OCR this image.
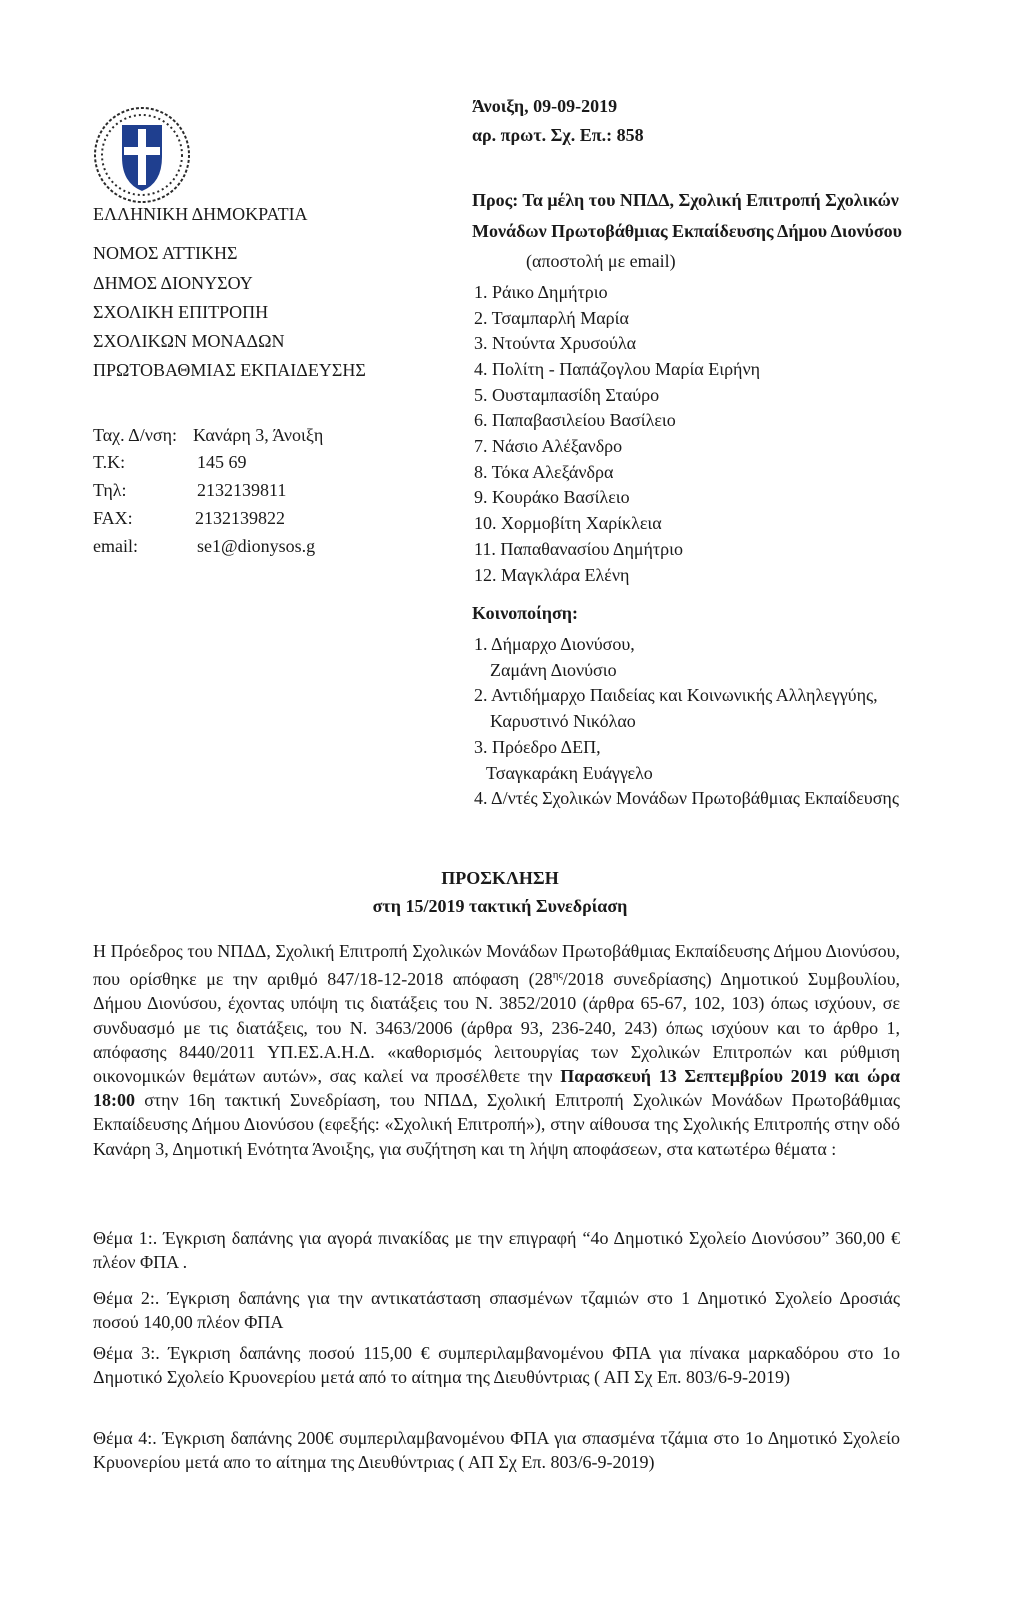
Άνοιξη, 09-09-2019
αρ. πρωτ. Σχ. Επ.: 858
ΕΛΛΗΝΙΚΗ ΔΗΜΟΚΡΑΤΙΑ
ΝΟΜΟΣ ΑΤΤΙΚΗΣ
ΔΗΜΟΣ ΔΙΟΝΥΣΟΥ
ΣΧΟΛΙΚΗ ΕΠΙΤΡΟΠΗ
ΣΧΟΛΙΚΩΝ ΜΟΝΑΔΩΝ
ΠΡΩΤΟΒΑΘΜΙΑΣ ΕΚΠΑΙΔΕΥΣΗΣ
Ταχ. Δ/νση: Κανάρη 3, Άνοιξη
Τ.Κ:	145 69
Τηλ:	2132139811
FAX:	2132139822
email:	se1@dionysos.g
Προς: Τα μέλη του ΝΠΔΔ, Σχολική Επιτροπή Σχολικών
Μονάδων Πρωτοβάθμιας Εκπαίδευσης Δήμου Διονύσου
(αποστολή με email)
1. Ράικο Δημήτριο
2. Τσαμπαρλή Μαρία
3. Ντούντα Χρυσούλα
4. Πολίτη - Παπάζογλου Μαρία Ειρήνη
5. Ουσταμπασίδη Σταύρο
6. Παπαβασιλείου Βασίλειο
7. Νάσιο Αλέξανδρο
8. Τόκα Αλεξάνδρα
9. Κουράκο Βασίλειο
10. Χορμοβίτη Χαρίκλεια
11. Παπαθανασίου Δημήτριο
12. Μαγκλάρα Ελένη
Κοινοποίηση:
1. Δήμαρχο Διονύσου,
Ζαμάνη Διονύσιο
2. Αντιδήμαρχο Παιδείας και Κοινωνικής Αλληλεγγύης,
Καρυστινό Νικόλαο
3. Πρόεδρο ΔΕΠ,
Τσαγκαράκη Ευάγγελο
4. Δ/ντές Σχολικών Μονάδων Πρωτοβάθμιας Εκπαίδευσης
ΠΡΟΣΚΛΗΣΗ
στη 15/2019 τακτική Συνεδρίαση
Η Πρόεδρος του ΝΠΔΔ, Σχολική Επιτροπή Σχολικών Μονάδων Πρωτοβάθμιας Εκπαίδευσης Δήμου Διονύσου, που ορίσθηκε με την αριθμό 847/18-12-2018 απόφαση ($28^{\eta\varsigma}/2018$ συνεδρίασης) Δημοτικού Συμβουλίου, Δήμου Διονύσου, έχοντας υπόψη τις διατάξεις του Ν. 3852/2010 (άρθρα 65-67, 102, 103) όπως ισχύουν, σε συνδυασμό με τις διατάξεις, του Ν. 3463/2006 (άρθρα 93, 236-240, 243) όπως ισχύουν και το άρθρο 1, απόφασης 8440/2011 ΥΠ.ΕΣ.Α.Η.Δ. «καθορισμός λειτουργίας των Σχολικών Επιτροπών και ρύθμιση οικονομικών θεμάτων αυτών», σας καλεί να προσέλθετε την Παρασκευή 13 Σεπτεμβρίου 2019 και ώρα 18:00 στην 16η τακτική Συνεδρίαση, του ΝΠΔΔ, Σχολική Επιτροπή Σχολικών Μονάδων Πρωτοβάθμιας Εκπαίδευσης Δήμου Διονύσου (εφεξής: «Σχολική Επιτροπή»), στην αίθουσα της Σχολικής Επιτροπής στην οδό Κανάρη 3, Δημοτική Ενότητα Άνοιξης, για συζήτηση και τη λήψη αποφάσεων, στα κατωτέρω θέματα :
Θέμα 1:. Έγκριση δαπάνης για αγορά πινακίδας με την επιγραφή “4ο Δημοτικό Σχολείο Διονύσου” 360,00 € πλέον ΦΠΑ .
Θέμα 2:. Έγκριση δαπάνης για την αντικατάσταση σπασμένων τζαμιών στο 1 Δημοτικό Σχολείο Δροσιάς ποσού 140,00 πλέον ΦΠΑ
Θέμα 3:. Έγκριση δαπάνης ποσού 115,00 € συμπεριλαμβανομένου ΦΠΑ για πίνακα μαρκαδόρου στο 1ο Δημοτικό Σχολείο Κρυονερίου μετά από το αίτημα της Διευθύντριας ( ΑΠ Σχ Επ. 803/6-9-2019)
Θέμα 4:. Έγκριση δαπάνης 200€ συμπεριλαμβανομένου ΦΠΑ για σπασμένα τζάμια στο 1ο Δημοτικό Σχολείο Κρυονερίου μετά απο το αίτημα της Διευθύντριας ( ΑΠ Σχ Επ. 803/6-9-2019)
